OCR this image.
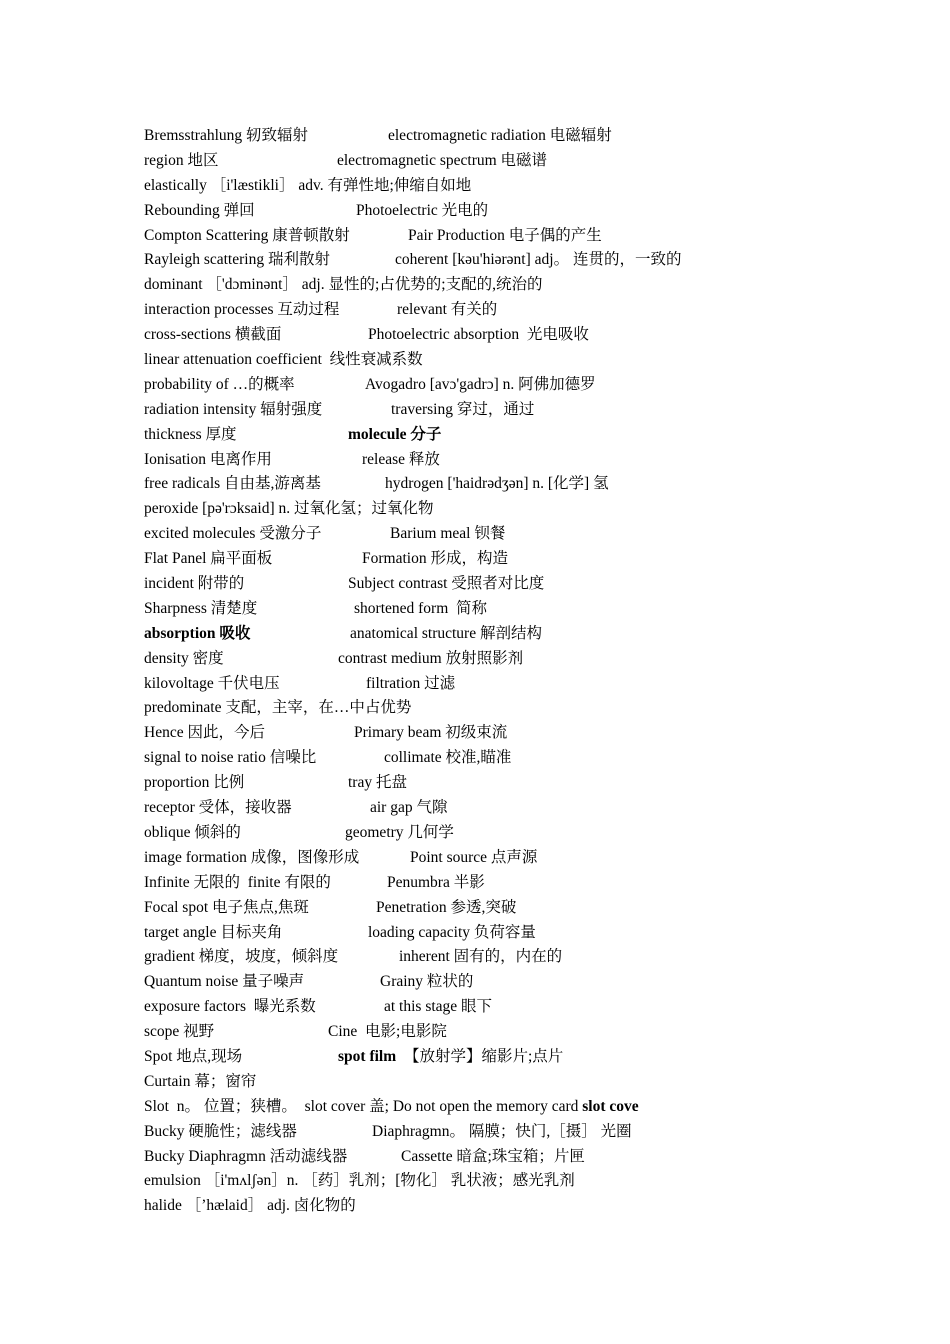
Bremsstrahlung 轫致辐射	electromagnetic radiation 电磁辐射
region 地区	electromagnetic spectrum 电磁谱
elastically ［i'læstikli］ adv. 有弹性地;伸缩自如地
Rebounding 弹回	Photoelectric 光电的
Compton Scattering 康普顿散射	Pair Production 电子偶的产生
Rayleigh scattering 瑞利散射	coherent [kəu'hiərənt] adj。 连贯的，一致的
dominant ［'dɔminənt］ adj. 显性的;占优势的;支配的,统治的
interaction processes 互动过程	relevant 有关的
cross-sections 横截面	Photoelectric absorption  光电吸收
linear attenuation coefficient  线性衰减系数
probability of …的概率	Avogadro [avɔ'gadrɔ] n. 阿佛加德罗
radiation intensity 辐射强度	traversing 穿过，通过
thickness 厚度	molecule 分子
Ionisation 电离作用	release 释放
free radicals 自由基,游离基	hydrogen ['haidrədʒən] n. [化学] 氢
peroxide [pə'rɔksaid] n. 过氧化氢；过氧化物
excited molecules 受激分子	Barium meal 钡餐
Flat Panel 扁平面板	Formation 形成，构造
incident 附带的	Subject contrast 受照者对比度
Sharpness 清楚度	shortened form  简称
absorption 吸收	anatomical structure 解剖结构
density 密度	contrast medium 放射照影剂
kilovoltage 千伏电压	filtration 过滤
predominate 支配，主宰，在…中占优势
Hence 因此，今后	Primary beam 初级束流
signal to noise ratio 信噪比	collimate 校准,瞄准
proportion 比例	tray 托盘
receptor 受体，接收器	air gap 气隙
oblique 倾斜的	geometry 几何学
image formation 成像，图像形成	Point source 点声源
Infinite 无限的  finite 有限的	Penumbra 半影
Focal spot 电子焦点,焦斑	Penetration 参透,突破
target angle 目标夹角	loading capacity 负荷容量
gradient 梯度，坡度，倾斜度	inherent 固有的，内在的
Quantum noise 量子噪声	Grainy 粒状的
exposure factors  曝光系数	at this stage 眼下
scope 视野	Cine  电影;电影院
Spot 地点,现场	spot film 【放射学】缩影片;点片
Curtain 幕；窗帘
Slot  n。 位置；狭槽。  slot cover 盖; Do not open the memory card slot cove
Bucky 硬脆性；滤线器	Diaphragmn。 隔膜；快门,［摄］ 光圈
Bucky Diaphragmn 活动滤线器	Cassette 暗盒;珠宝箱；片匣
emulsion ［i'mʌlʃən］n. ［药］乳剂；[物化］ 乳状液；感光乳剂
halide ［’hælaid］ adj. 卤化物的
